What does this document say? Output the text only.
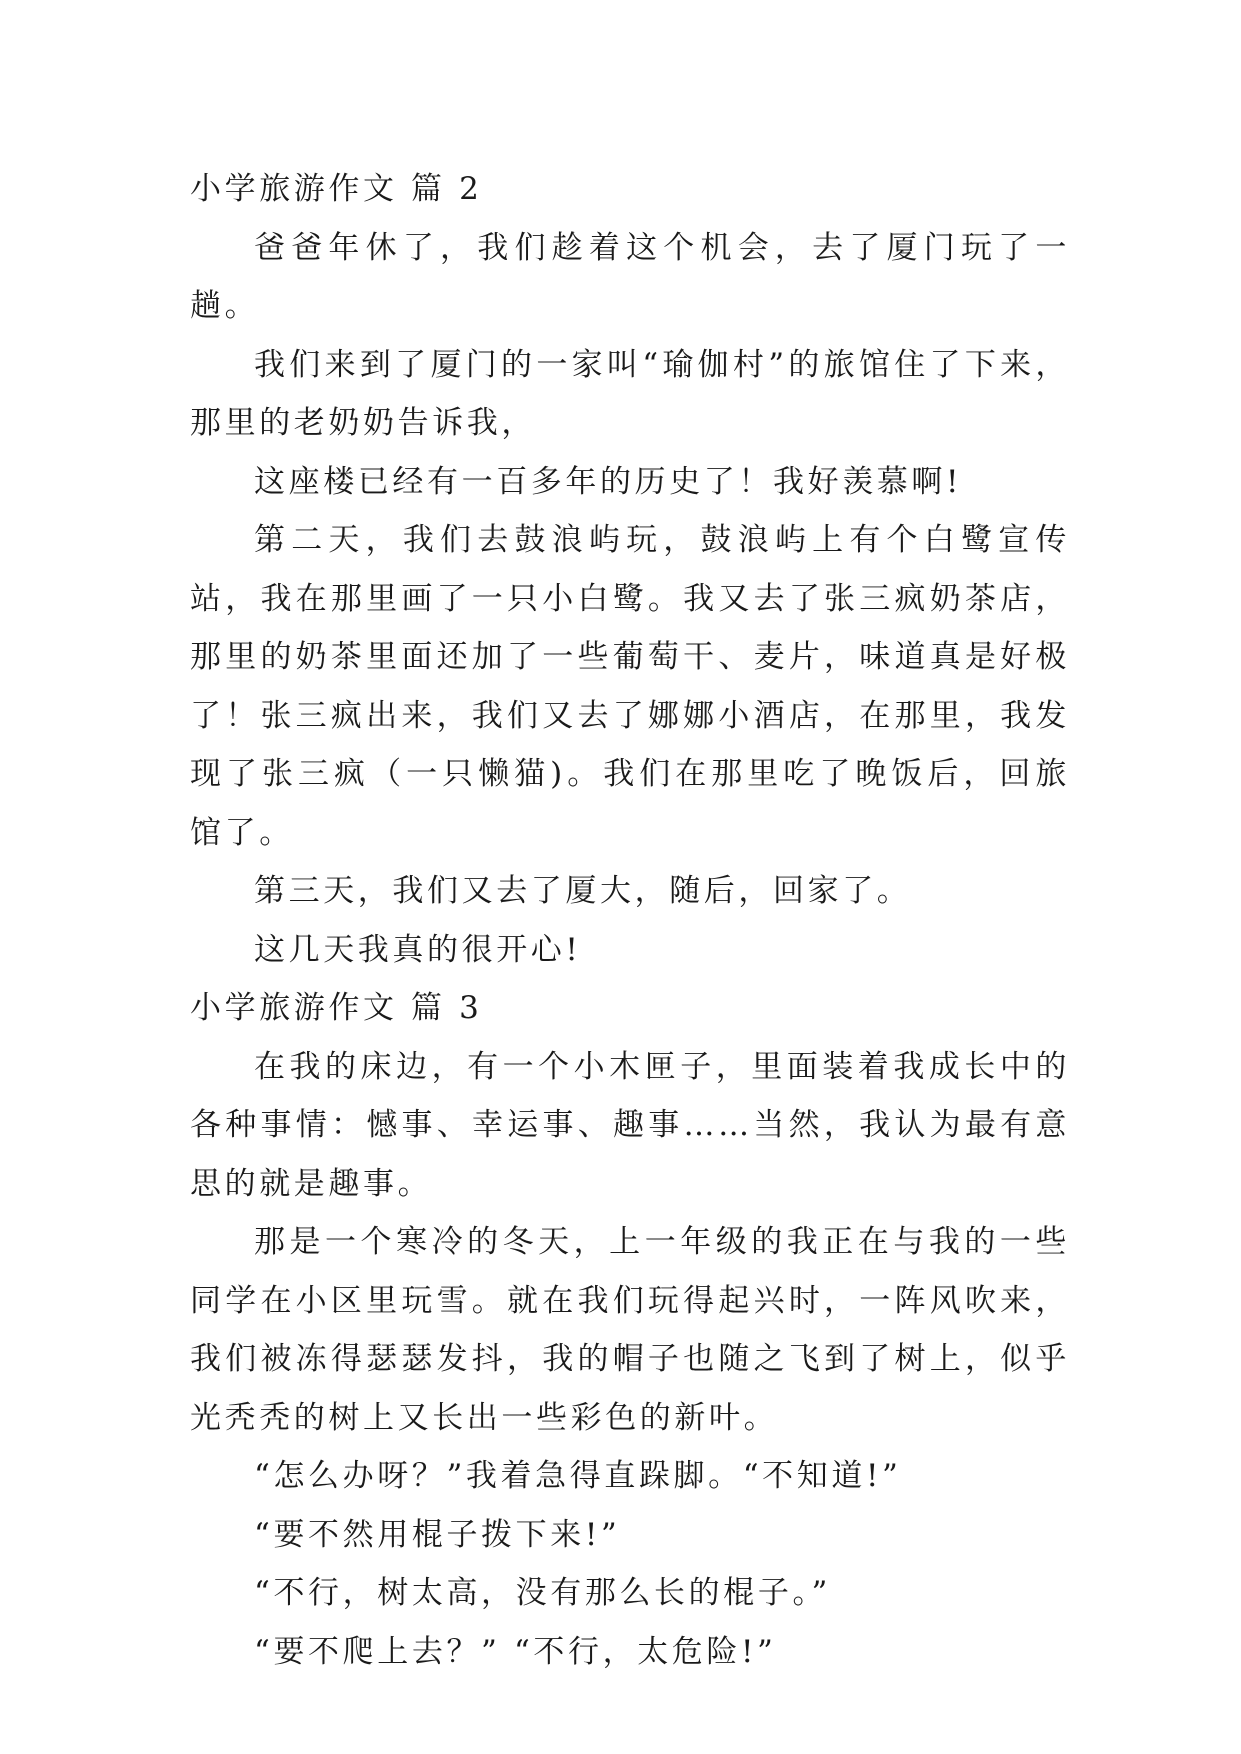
小学旅游作文 篇 2

爸爸年休了，我们趁着这个机会，去了厦门玩了一趟。

我们来到了厦门的一家叫“瑜伽村”的旅馆住了下来，那里的老奶奶告诉我，

这座楼已经有一百多年的历史了！我好羡慕啊!

第二天，我们去鼓浪屿玩，鼓浪屿上有个白鹭宣传站，我在那里画了一只小白鹭。我又去了张三疯奶茶店，那里的奶茶里面还加了一些葡萄干、麦片，味道真是好极了！张三疯出来，我们又去了娜娜小酒店，在那里，我发现了张三疯（一只懒猫)。我们在那里吃了晚饭后，回旅馆了。

第三天，我们又去了厦大，随后，回家了。

这几天我真的很开心!

小学旅游作文 篇 3

在我的床边，有一个小木匣子，里面装着我成长中的各种事情：憾事、幸运事、趣事……当然，我认为最有意思的就是趣事。

那是一个寒冷的冬天，上一年级的我正在与我的一些同学在小区里玩雪。就在我们玩得起兴时，一阵风吹来，我们被冻得瑟瑟发抖，我的帽子也随之飞到了树上，似乎光秃秃的树上又长出一些彩色的新叶。

“怎么办呀？”我着急得直跺脚。“不知道!”

“要不然用棍子拨下来!”

“不行，树太高，没有那么长的棍子。”

“要不爬上去？” “不行，太危险!”
